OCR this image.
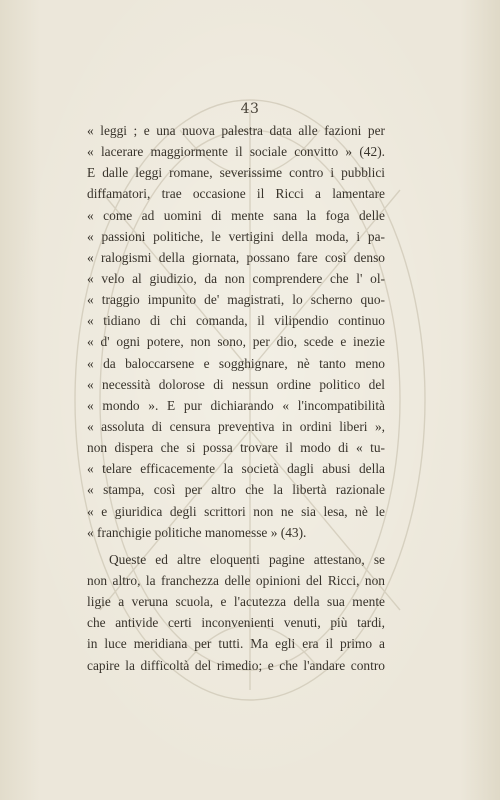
43
« leggi ; e una nuova palestra data alle fazioni per
« lacerare maggiormente il sociale convitto » (42).
E dalle leggi romane, severissime contro i pubblici
diffamatori, trae occasione il Ricci a lamentare
« come ad uomini di mente sana la foga delle
« passioni politiche, le vertigini della moda, i pa-
« ralogismi della giornata, possano fare così denso
« velo al giudizio, da non comprendere che l' ol-
« traggio impunito de' magistrati, lo scherno quo-
« tidiano di chi comanda, il vilipendio continuo
« d' ogni potere, non sono, per dio, scede e inezie
« da baloccarsene e sogghignare, nè tanto meno
« necessità dolorose di nessun ordine politico del
« mondo ». E pur dichiarando « l'incompatibilità
« assoluta di censura preventiva in ordini liberi »,
non dispera che si possa trovare il modo di « tu-
« telare efficacemente la società dagli abusi della
« stampa, così per altro che la libertà razionale
« e giuridica degli scrittori non ne sia lesa, nè le
« franchigie politiche manomesse » (43).
Queste ed altre eloquenti pagine attestano, se
non altro, la franchezza delle opinioni del Ricci, non
ligie a veruna scuola, e l'acutezza della sua mente
che antivide certi inconvenienti venuti, più tardi,
in luce meridiana per tutti. Ma egli era il primo a
capire la difficoltà del rimedio; e che l'andare contro
